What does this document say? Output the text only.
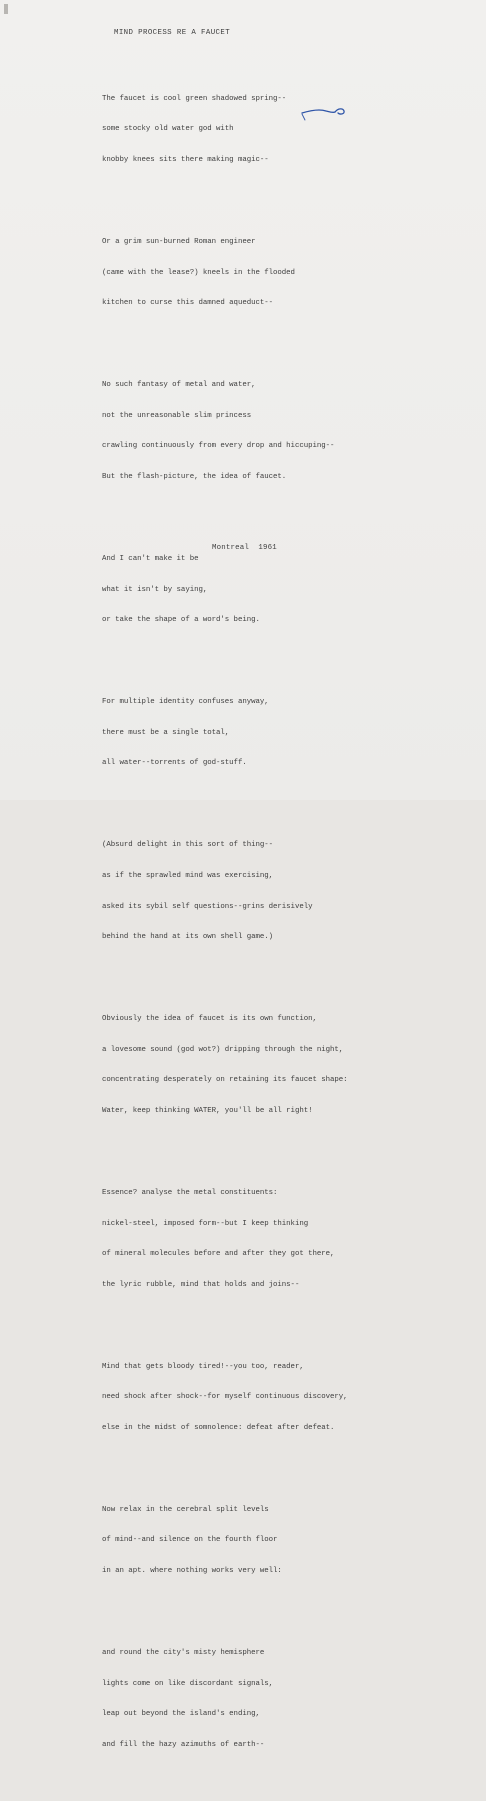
MIND PROCESS RE A FAUCET

The faucet is cool green shadowed spring--

some stocky old water god with

knobby knees sits there making magic--

Or a grim sun-burned Roman engineer

(came with the lease?) kneels in the flooded

kitchen to curse this damned aqueduct--

No such fantasy of metal and water,

not the unreasonable slim princess

crawling continuously from every drop and hiccuping--

But the flash-picture, the idea of faucet.

And I can't make it be

what it isn't by saying,

or take the shape of a word's being.

For multiple identity confuses anyway,

there must be a single total,

all water--torrents of god-stuff.

(Absurd delight in this sort of thing--

as if the sprawled mind was exercising,

asked its sybil self questions--grins derisively

behind the hand at its own shell game.)

Obviously the idea of faucet is its own function,

a lovesome sound (god wot?) dripping through the night,

concentrating desperately on retaining its faucet shape:

Water, keep thinking WATER, you'll be all right!

Essence? analyse the metal constituents:

nickel-steel, imposed form--but I keep thinking

of mineral molecules before and after they got there,

the lyric rubble, mind that holds and joins--

Mind that gets bloody tired!--you too, reader,

need shock after shock--for myself continuous discovery,

else in the midst of somnolence: defeat after defeat.

Now relax in the cerebral split levels

of mind--and silence on the fourth floor

in an apt. where nothing works very well:

and round the city's misty hemisphere

lights come on like discordant signals,

leap out beyond the island's ending,

and fill the hazy azimuths of earth--

Montreal  1961
